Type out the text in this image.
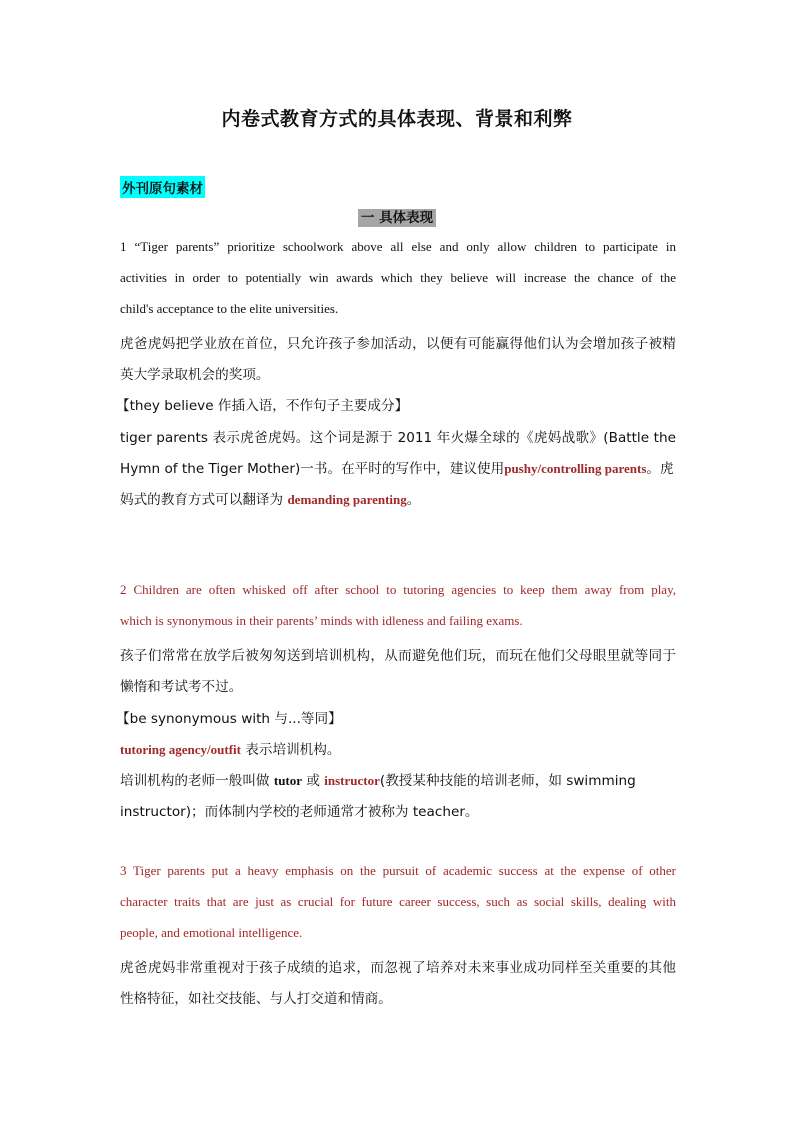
内卷式教育方式的具体表现、背景和利弊
外刊原句素材
一 具体表现
1 “Tiger parents” prioritize schoolwork above all else and only allow children to participate in
activities in order to potentially win awards which they believe will increase the chance of the
child's acceptance to the elite universities.
虎爸虎妈把学业放在首位，只允许孩子参加活动，以便有可能赢得他们认为会增加孩子被精
英大学录取机会的奖项。
【they believe 作插入语，不作句子主要成分】
tiger parents 表示虎爸虎妈。这个词是源于 2011 年火爆全球的《虎妈战歌》(Battle the
Hymn of the Tiger Mother)一书。在平时的写作中，建议使用pushy/controlling parents。虎
妈式的教育方式可以翻译为 demanding parenting。
2 Children are often whisked off after school to tutoring agencies to keep them away from play,
which is synonymous in their parents’ minds with idleness and failing exams.
孩子们常常在放学后被匆匆送到培训机构，从而避免他们玩，而玩在他们父母眼里就等同于
懒惰和考试考不过。
【be synonymous with 与...等同】
tutoring agency/outfit 表示培训机构。
培训机构的老师一般叫做 tutor 或 instructor(教授某种技能的培训老师，如 swimming
instructor)；而体制内学校的老师通常才被称为 teacher。
3 Tiger parents put a heavy emphasis on the pursuit of academic success at the expense of other
character traits that are just as crucial for future career success, such as social skills, dealing with
people, and emotional intelligence.
虎爸虎妈非常重视对于孩子成绩的追求，而忽视了培养对未来事业成功同样至关重要的其他
性格特征，如社交技能、与人打交道和情商。
